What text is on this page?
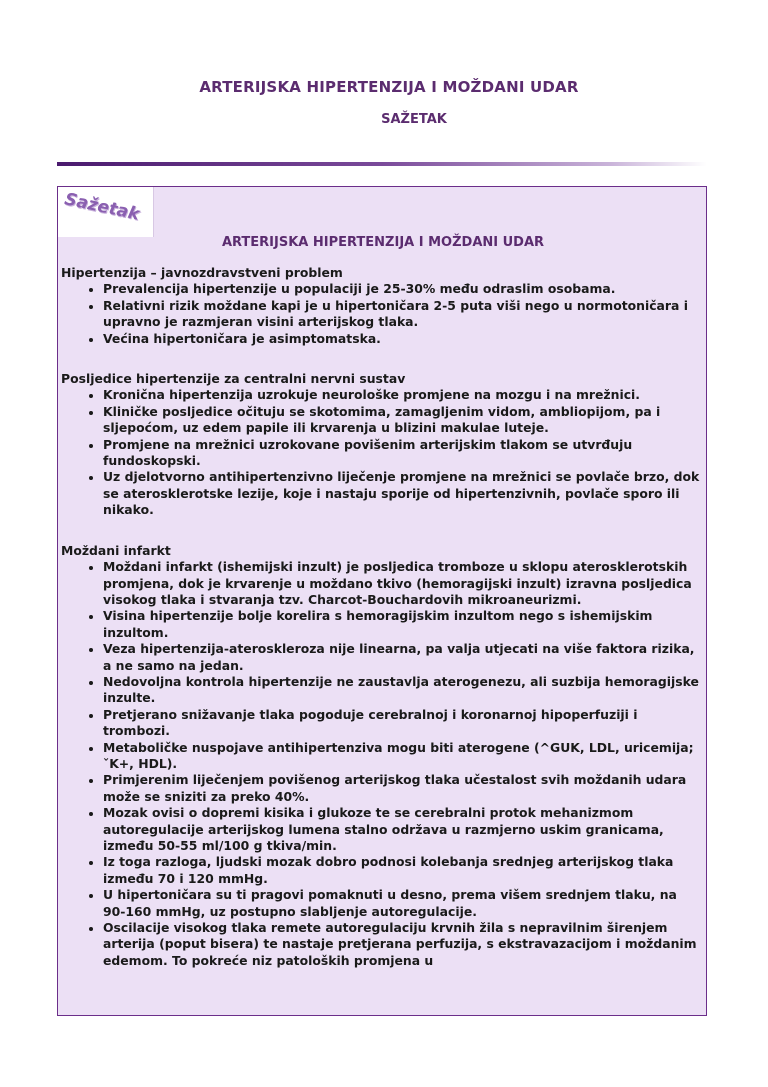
ARTERIJSKA HIPERTENZIJA I MOŽDANI UDAR
SAŽETAK
Sažetak
ARTERIJSKA HIPERTENZIJA I MOŽDANI UDAR

Hipertenzija – javnozdravstveni problem

• Prevalencija hipertenzije u populaciji je 25-30% među odraslim osobama.
• Relativni rizik moždane kapi je u hipertoničara 2-5 puta viši nego u normotoničara i upravno je razmjeran visini arterijskog tlaka.
• Većina hipertoničara je asimptomatska.

Posljedice hipertenzije za centralni nervni sustav

• Kronična hipertenzija uzrokuje neurološke promjene na mozgu i na mrežnici.
• Kliničke posljedice očituju se skotomima, zamagljenim vidom, ambliopijom, pa i sljepoćom, uz edem papile ili krvarenja u blizini makulae luteje.
• Promjene na mrežnici uzrokovane povišenim arterijskim tlakom se utvrđuju fundoskopski.
• Uz djelotvorno antihipertenzivno liječenje promjene na mrežnici se povlače brzo, dok se aterosklerotske lezije, koje i nastaju sporije od hipertenzivnih, povlače sporo ili nikako.

Moždani infarkt

• Moždani infarkt (ishemijski inzult) je posljedica tromboze u sklopu aterosklerotskih promjena, dok je krvarenje u moždano tkivo (hemoragijski inzult) izravna posljedica visokog tlaka i stvaranja tzv. Charcot-Bouchardovih mikroaneurizmi.
• Visina hipertenzije bolje korelira s hemoragijskim inzultom nego s ishemijskim inzultom.
• Veza hipertenzija-ateroskleroza nije linearna, pa valja utjecati na više faktora rizika, a ne samo na jedan.
• Nedovoljna kontrola hipertenzije ne zaustavlja aterogenezu, ali suzbija hemoragijske inzulte.
• Pretjerano snižavanje tlaka pogoduje cerebralnoj i koronarnoj hipoperfuziji i trombozi.
• Metaboličke nuspojave antihipertenziva mogu biti aterogene (^GUK, LDL, uricemija; ˇK+, HDL).
• Primjerenim liječenjem povišenog arterijskog tlaka učestalost svih moždanih udara može se sniziti za preko 40%.
• Mozak ovisi o dopremi kisika i glukoze te se cerebralni protok mehanizmom autoregulacije arterijskog lumena stalno održava u razmjerno uskim granicama, između 50-55 ml/100 g tkiva/min.
• Iz toga razloga, ljudski mozak dobro podnosi kolebanja srednjeg arterijskog tlaka između 70 i 120 mmHg.
• U hipertoničara su ti pragovi pomaknuti u desno, prema višem srednjem tlaku, na 90-160 mmHg, uz postupno slabljenje autoregulacije.
• Oscilacije visokog tlaka remete autoregulaciju krvnih žila s nepravilnim širenjem arterija (poput bisera) te nastaje pretjerana perfuzija, s ekstravazacijom i moždanim edemom. To pokreće niz patoloških promjena u
